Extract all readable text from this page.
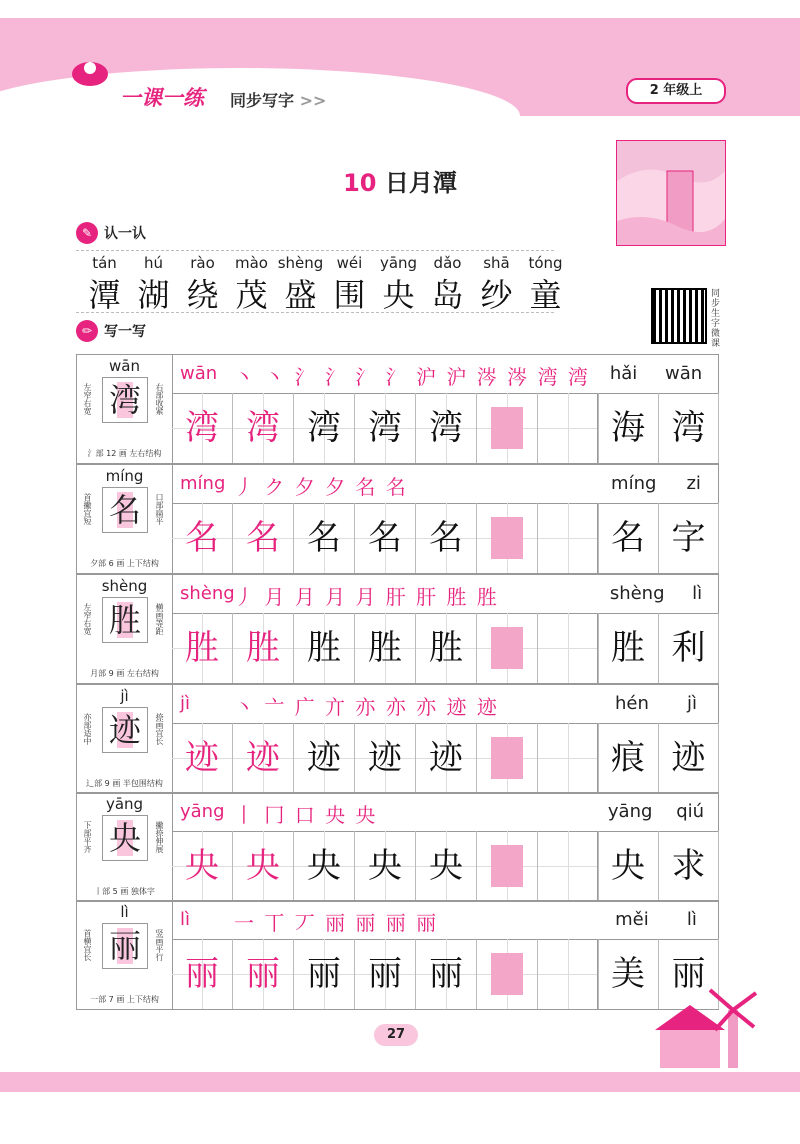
一课一练 同步写字 >>
2 年级上
10 日月潭
✎ 认一认
tán
潭
hú
湖
rào
绕
mào
茂
shèng
盛
wéi
围
yāng
央
dǎo
岛
shā
纱
tóng
童	同步生字微课
✏ 写一写
wān
左窄右宽 湾	右部收紧
氵部 12 画 左右结构
wān 丶 丶 氵 氵 氵 氵 沪 沪 涔 涔 湾 湾 hǎi wān
湾 湾 湾 湾 湾	海 湾
míng
首撇宜短 名	口部扁平
夕部 6 画 上下结构
míng 丿 ク 夕 夕 名 名	míng zi
名 名 名 名 名	名 字
shèng
左窄右宽 胜	横画等距
月部 9 画 左右结构
shèng 丿 月 月 月 月 肝 肝 胜 胜	shèng lì
胜 胜 胜 胜 胜	胜 利
jì
亦部适中 迹	捺画宜长
辶部 9 画 半包围结构
jì 丶 亠 广 亣 亦 亦 亦 迹 迹	hén jì
迹 迹 迹 迹 迹	痕 迹
yāng
下部平齐 央	撇捺伸展
丨部 5 画 独体字
yāng 丨 冂 口 央 央	yāng qiú
央 央 央 央 央	央 求
lì
首横宜长 丽	竖画平行
一部 7 画 上下结构
lì 一 丅 丆 丽 丽 丽 丽	měi lì
丽 丽 丽 丽 丽	美 丽
27
